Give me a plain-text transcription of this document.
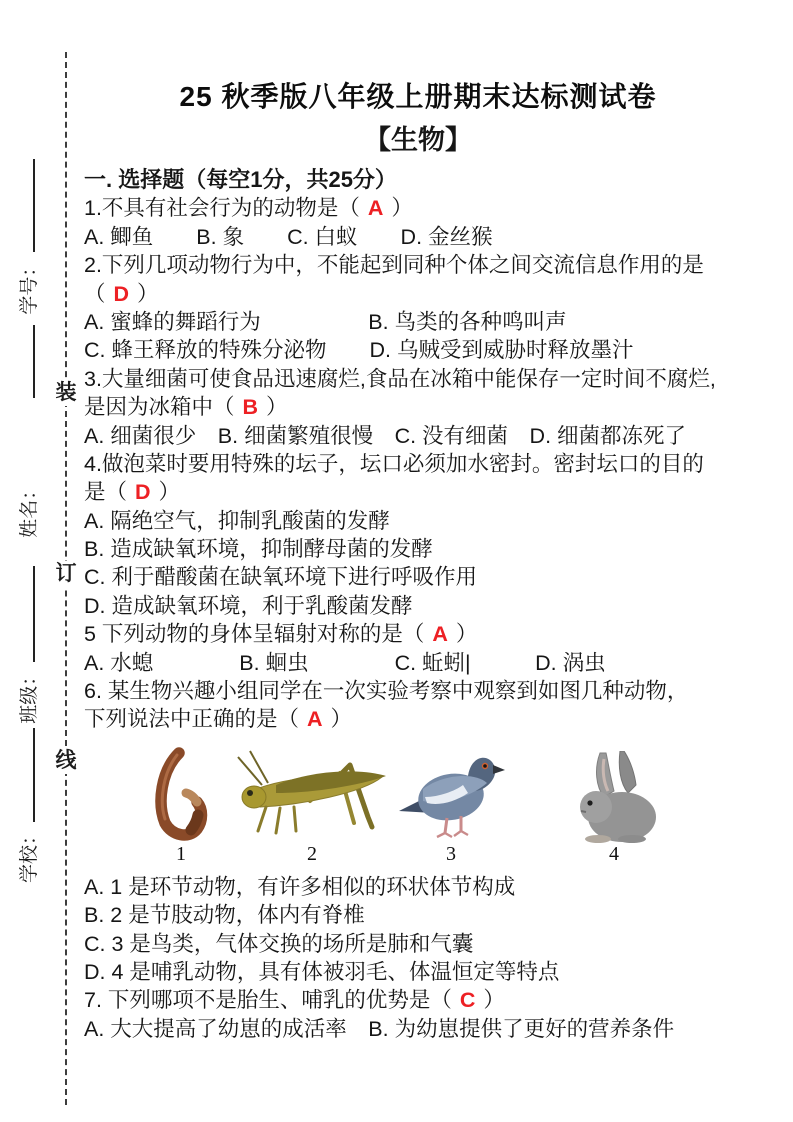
装
订
线
学校：
班级：
姓名：
学号：
25 秋季版八年级上册期末达标测试卷
【生物】
一. 选择题（每空1分，共25分）
1.不具有社会行为的动物是（ A ）
A. 鲫鱼　　B. 象　　C. 白蚁　　D. 金丝猴
2.下列几项动物行为中，不能起到同种个体之间交流信息作用的是
（ D ）
A. 蜜蜂的舞蹈行为　　　　　B. 鸟类的各种鸣叫声
C. 蜂王释放的特殊分泌物　　D. 乌贼受到威胁时释放墨汁
3.大量细菌可使食品迅速腐烂,食品在冰箱中能保存一定时间不腐烂,
是因为冰箱中（ B ）
A. 细菌很少　B. 细菌繁殖很慢　C. 没有细菌　D. 细菌都冻死了
4.做泡菜时要用特殊的坛子，坛口必须加水密封。密封坛口的目的
是（ D ）
A. 隔绝空气，抑制乳酸菌的发酵
B. 造成缺氧环境，抑制酵母菌的发酵
C. 利于醋酸菌在缺氧环境下进行呼吸作用
D. 造成缺氧环境，利于乳酸菌发酵
5 下列动物的身体呈辐射对称的是（ A ）
A. 水螅　　　　B. 蛔虫　　　　C. 蚯蚓|　　　D. 涡虫
6. 某生物兴趣小组同学在一次实验考察中观察到如图几种动物，
下列说法中正确的是（ A ）
1	2	3	4
A. 1 是环节动物，有许多相似的环状体节构成
B. 2 是节肢动物，体内有脊椎
C. 3 是鸟类，气体交换的场所是肺和气囊
D. 4 是哺乳动物，具有体被羽毛、体温恒定等特点
7. 下列哪项不是胎生、哺乳的优势是（ C ）
A. 大大提高了幼崽的成活率　B. 为幼崽提供了更好的营养条件
